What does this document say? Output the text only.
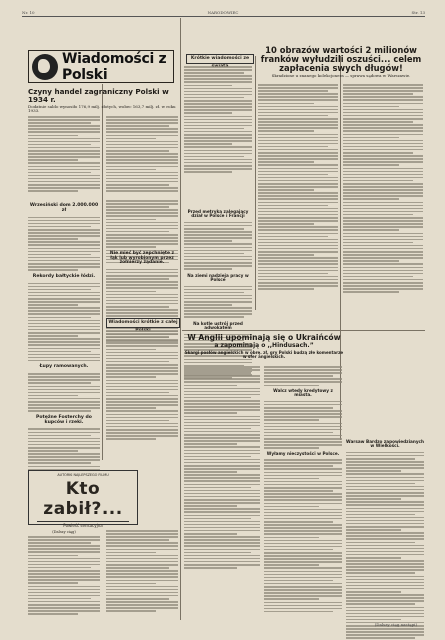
Nr. 10	NARODOWIEC	Str. 13
Wiadomości z Polski
Czyny handel zagraniczny Polski w 1934 r.
Dodatnie saldo wynosiło 176,9 milj. złotych, wobec 163,7 milj. zł. w roku 1933.
Wrzesiński dom 2.000.000 zł
Rekordy bałtyckie łódzi.
Łupy ramowanych.
Potężne Fosterchy do kupców i rzeki.
Krótkie wiadomości ze
Nie mieć być zepchnięte z łąk lub wyrobionym przez żołnierzy żądanie.
Wiadomości krótkie z całej
Przed metryką zalegający dział w Polsce i Francji
Na ziemi nadzieja pracy w Polsce
Na kotle ustrój przed adwokatem
10 obrazów wartości 2 milionów franków wyłudzili oszuści... celem zapłacenia swych długów!
Skradzione u znanego kolekcjonera — sprawa sądowa w Warszawie.
W Anglii upominają się o Ukraińców
a zapominają o ,,Hindusach.”
Skargi posłów angielskich w obrę. zł. gry Polski budzą złe komentarze w sfer angielskich.
Walcz wtedy kredytowy z miasta.
Wyłamy nieczystości w Polsce.
Warsaw Bardzo zapowiedzianych w Wielkości.
AUTORKI NAJLEPSZEGO FILMU
Kto zabił?...
Powieść sensacyjna
(Dalszy ciąg)
(Dalszy ciąg nastąpi)
